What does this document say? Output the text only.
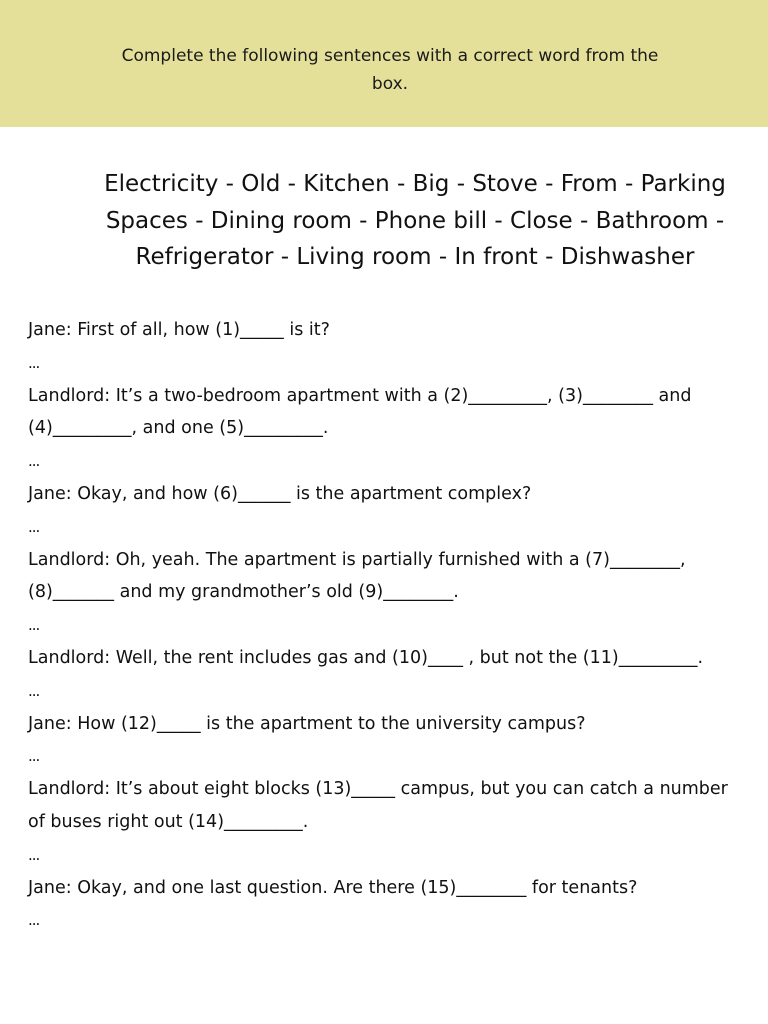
Complete the following sentences with a correct word from the box.
Electricity - Old - Kitchen - Big - Stove - From - Parking
Spaces - Dining room - Phone bill - Close - Bathroom -
Refrigerator - Living room - In front - Dishwasher
Jane: First of all, how (1)_____ is it?
...
Landlord: It’s a two-bedroom apartment with a (2)_________, (3)________ and
(4)_________, and one (5)_________.
...
Jane: Okay, and how (6)______ is the apartment complex?
...
Landlord: Oh, yeah. The apartment is partially furnished with a (7)________,
(8)_______ and my grandmother’s old (9)________.
...
Landlord: Well, the rent includes gas and (10)____ , but not the (11)_________.
...
Jane: How (12)_____ is the apartment to the university campus?
...
Landlord: It’s about eight blocks (13)_____ campus, but you can catch a number
of buses right out (14)_________.
...
Jane: Okay, and one last question. Are there (15)________ for tenants?
...
